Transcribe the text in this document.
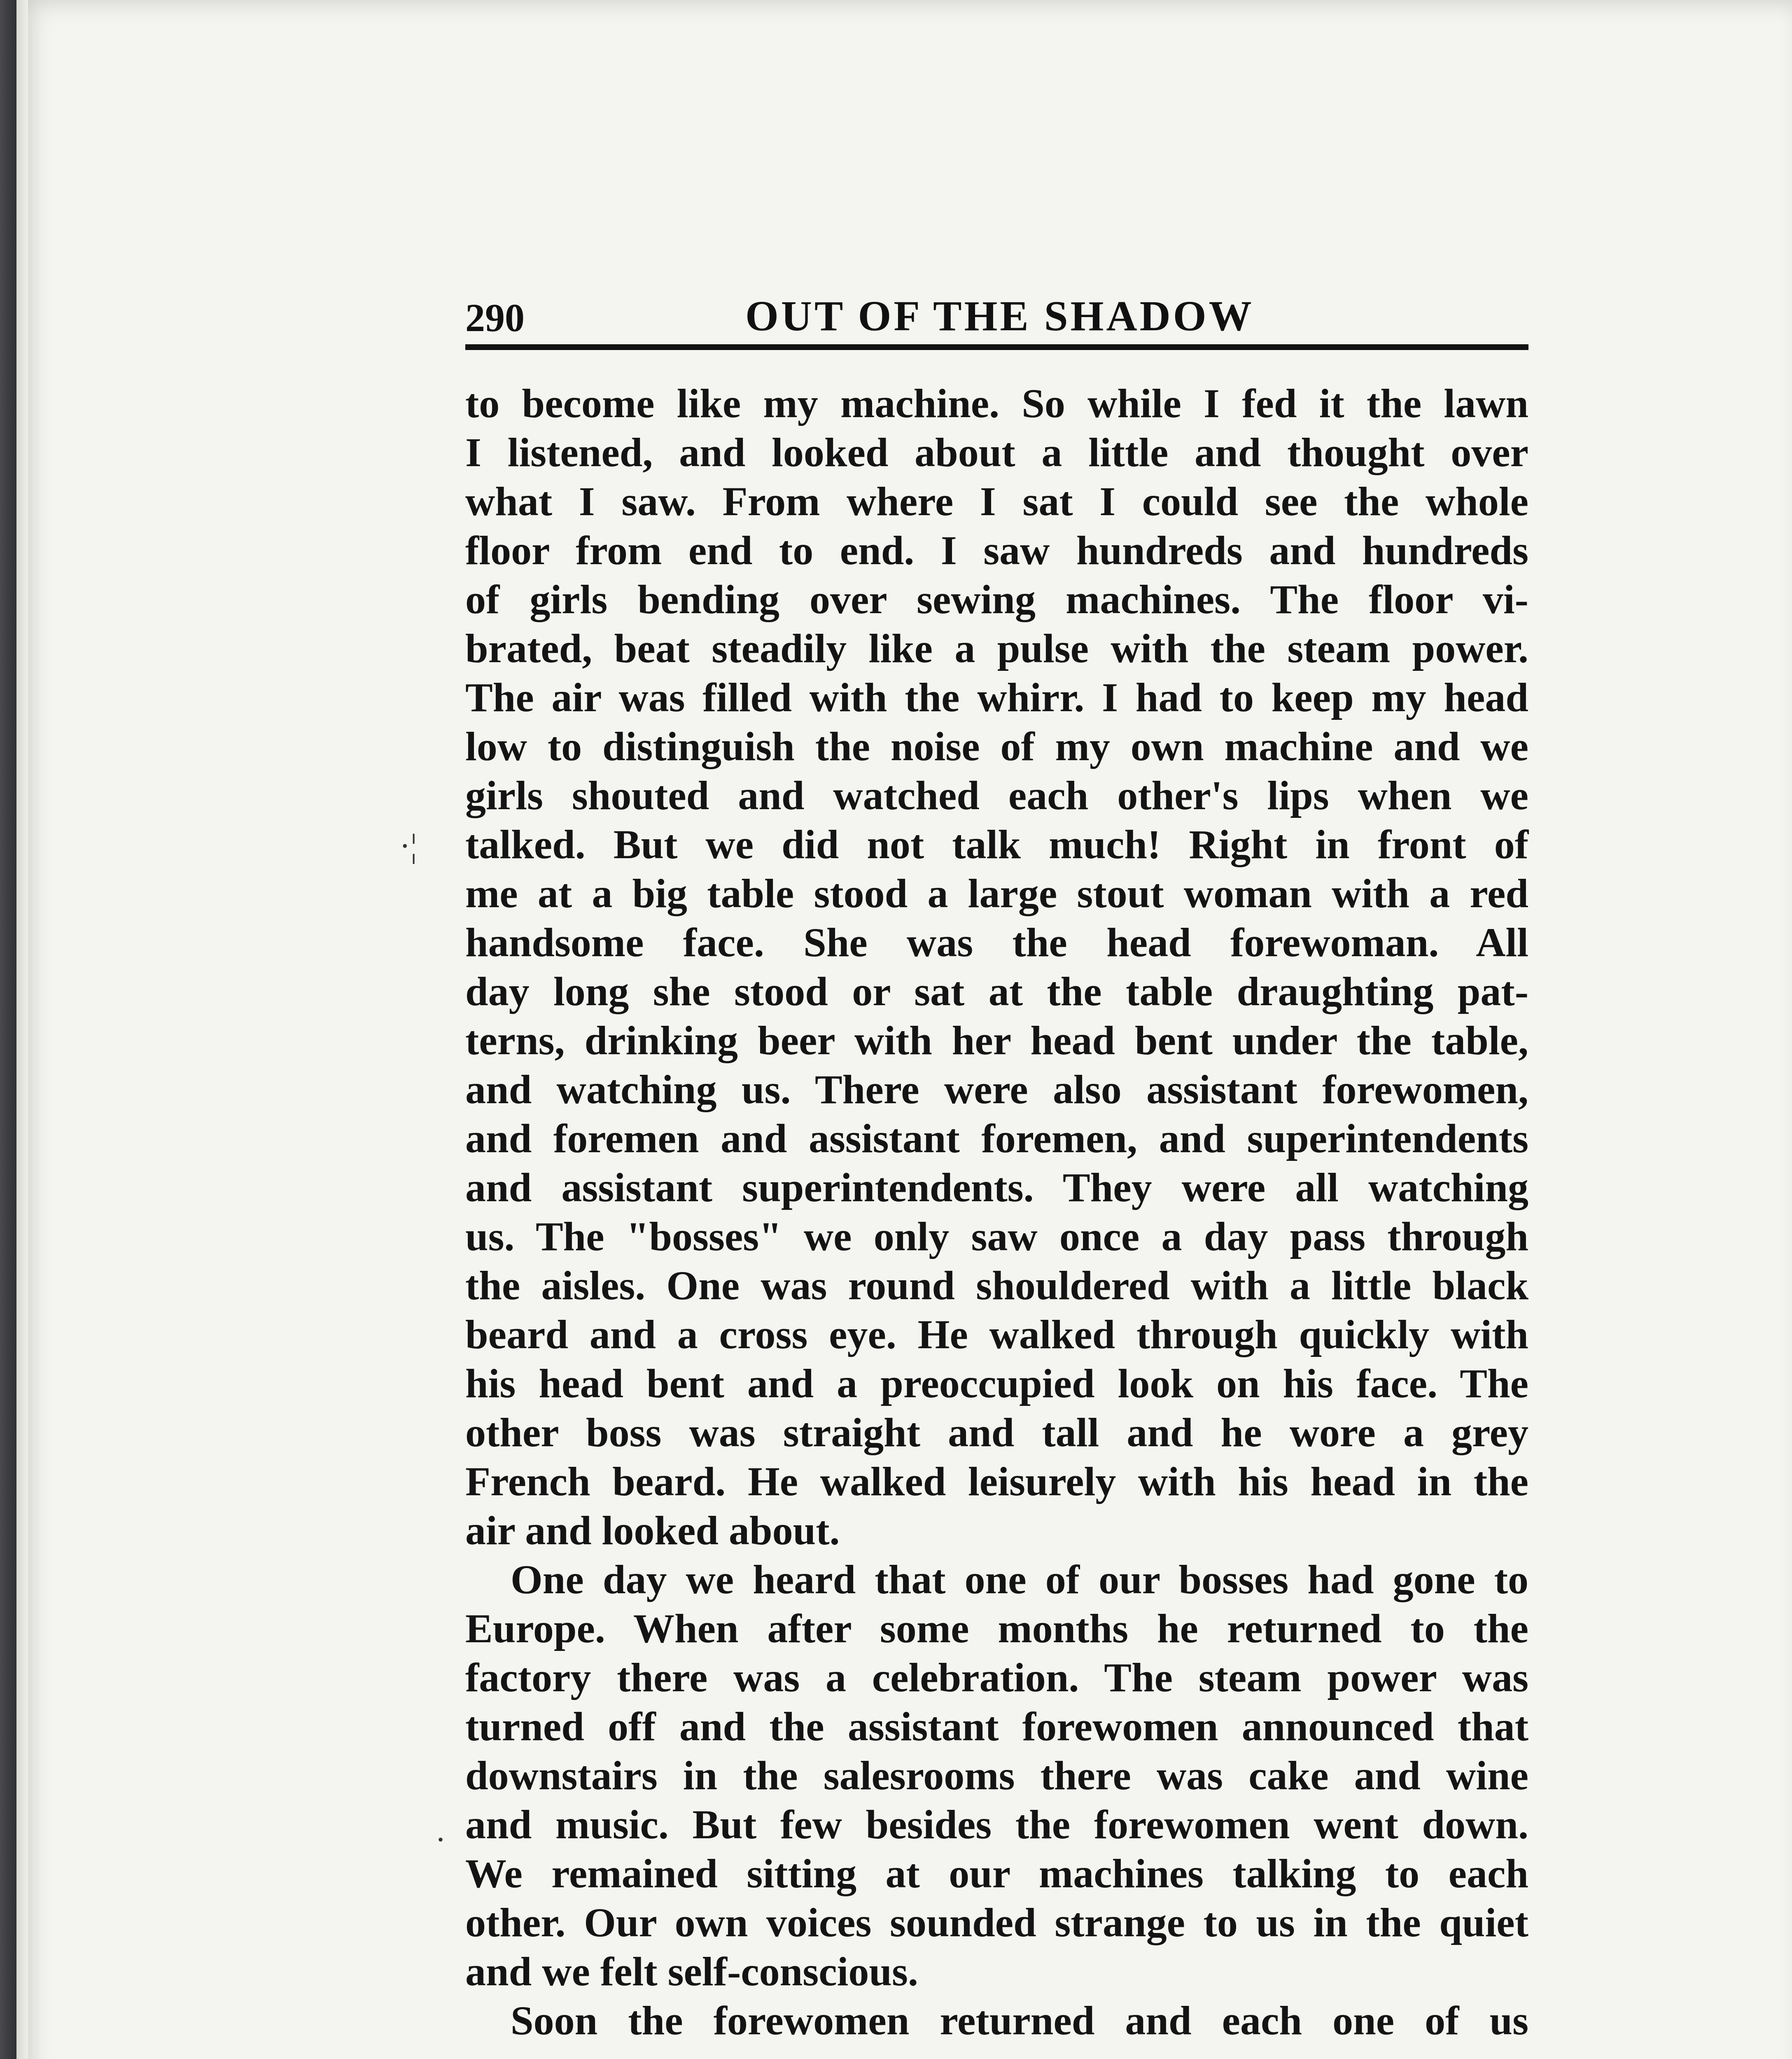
290	OUT OF THE SHADOW
to become like my machine. So while I fed it the lawn
I listened, and looked about a little and thought over
what I saw. From where I sat I could see the whole
floor from end to end. I saw hundreds and hundreds
of girls bending over sewing machines. The floor vi-
brated, beat steadily like a pulse with the steam power.
The air was filled with the whirr. I had to keep my head
low to distinguish the noise of my own machine and we
girls shouted and watched each other's lips when we
talked. But we did not talk much! Right in front of
me at a big table stood a large stout woman with a red
handsome face. She was the head forewoman. All
day long she stood or sat at the table draughting pat-
terns, drinking beer with her head bent under the table,
and watching us. There were also assistant forewomen,
and foremen and assistant foremen, and superintendents
and assistant superintendents. They were all watching
us. The "bosses" we only saw once a day pass through
the aisles. One was round shouldered with a little black
beard and a cross eye. He walked through quickly with
his head bent and a preoccupied look on his face. The
other boss was straight and tall and he wore a grey
French beard. He walked leisurely with his head in the
air and looked about.
One day we heard that one of our bosses had gone to
Europe. When after some months he returned to the
factory there was a celebration. The steam power was
turned off and the assistant forewomen announced that
downstairs in the salesrooms there was cake and wine
and music. But few besides the forewomen went down.
We remained sitting at our machines talking to each
other. Our own voices sounded strange to us in the quiet
and we felt self-conscious.
Soon the forewomen returned and each one of us
·¦
.
